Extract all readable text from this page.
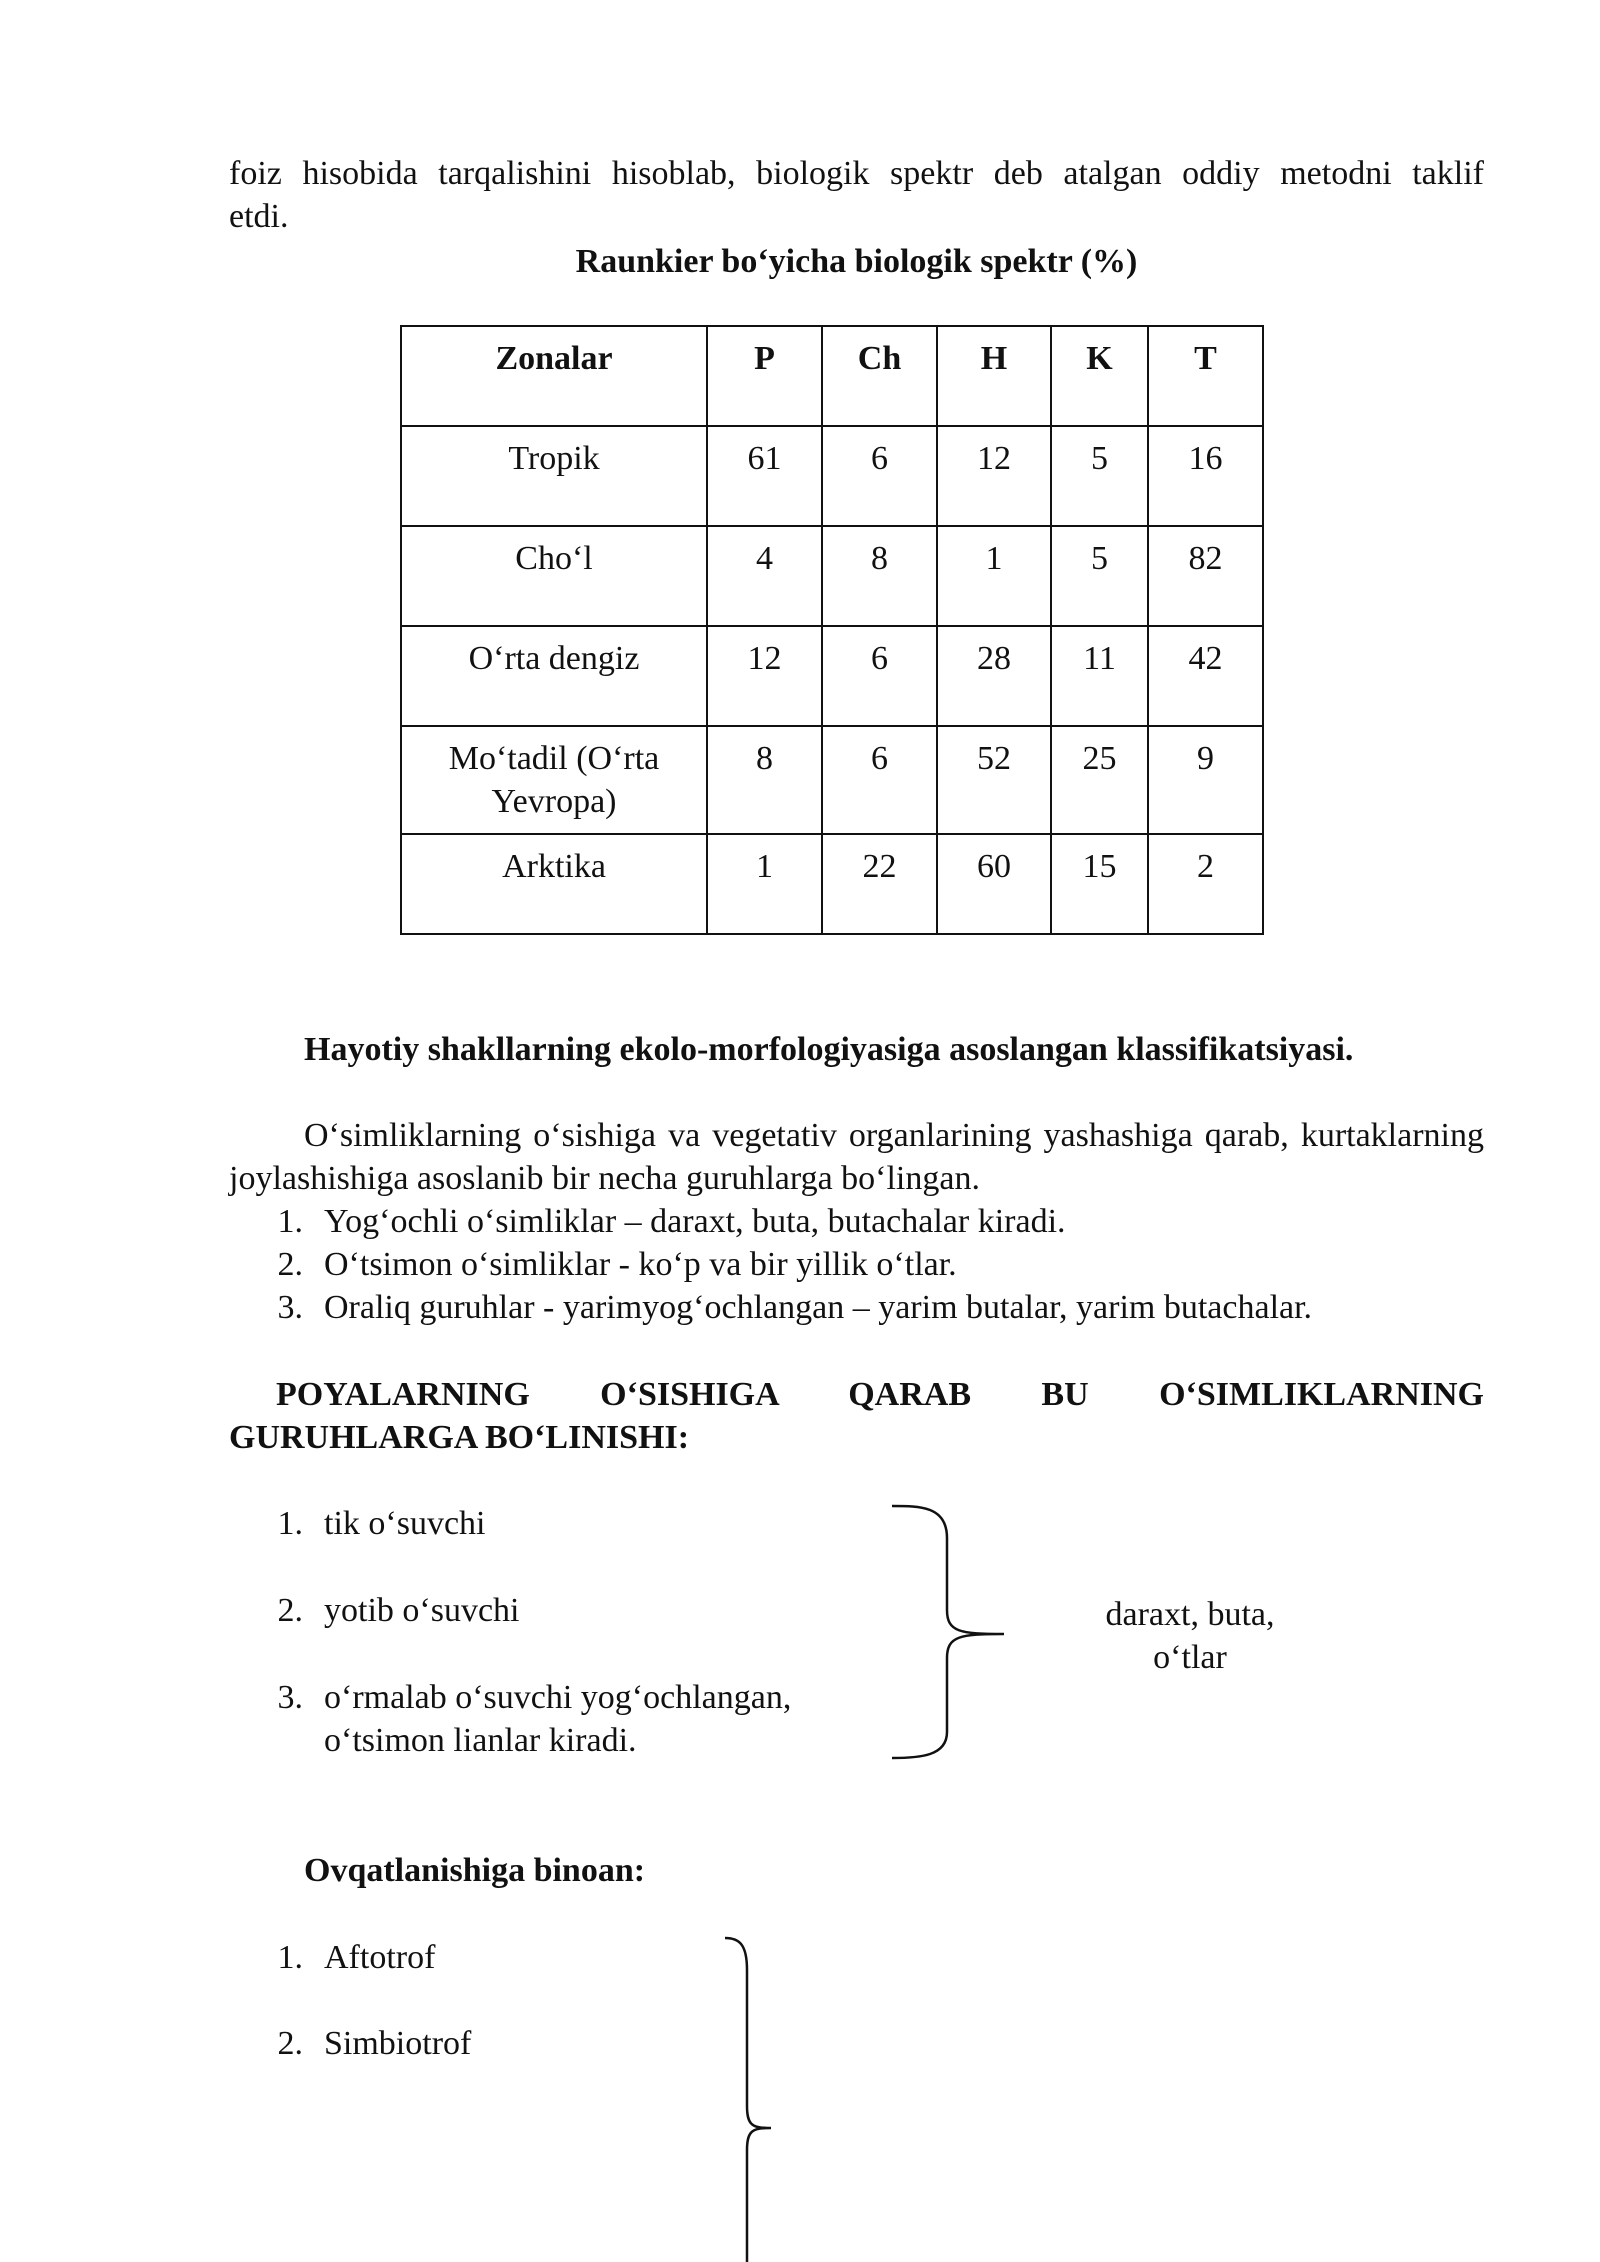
foiz hisobida tarqalishini hisoblab, biologik spektr deb atalgan oddiy metodni taklif
etdi.
Raunkier bo‘yicha biologik spektr (%)
Zonalar	P	Ch	H	K	T
Tropik	61	6	12	5	16
Cho‘l	4	8	1	5	82
O‘rta dengiz	12	6	28	11	42
Mo‘tadil (O‘rta Yevropa)	8	6	52	25	9
Arktika	1	22	60	15	2
Hayotiy shakllarning ekolo-morfologiyasiga asoslangan klassifikatsiyasi.
O‘simliklarning o‘sishiga va vegetativ organlarining yashashiga qarab, kurtaklarning joylashishiga asoslanib bir necha guruhlarga bo‘lingan.
1. Yog‘ochli o‘simliklar – daraxt, buta, butachalar kiradi.
2. O‘tsimon o‘simliklar - ko‘p va bir yillik o‘tlar.
3. Oraliq guruhlar - yarimyog‘ochlangan – yarim butalar, yarim butachalar.
POYALARNING O‘SISHIGA QARAB BU O‘SIMLIKLARNING GURUHLARGA BO‘LINISHI:
1. tik o‘suvchi
2. yotib o‘suvchi
3. o‘rmalab o‘suvchi yog‘ochlangan, o‘tsimon lianlar kiradi.
daraxt, buta, o‘tlar
Ovqatlanishiga binoan:
1. Aftotrof
2. Simbiotrof
